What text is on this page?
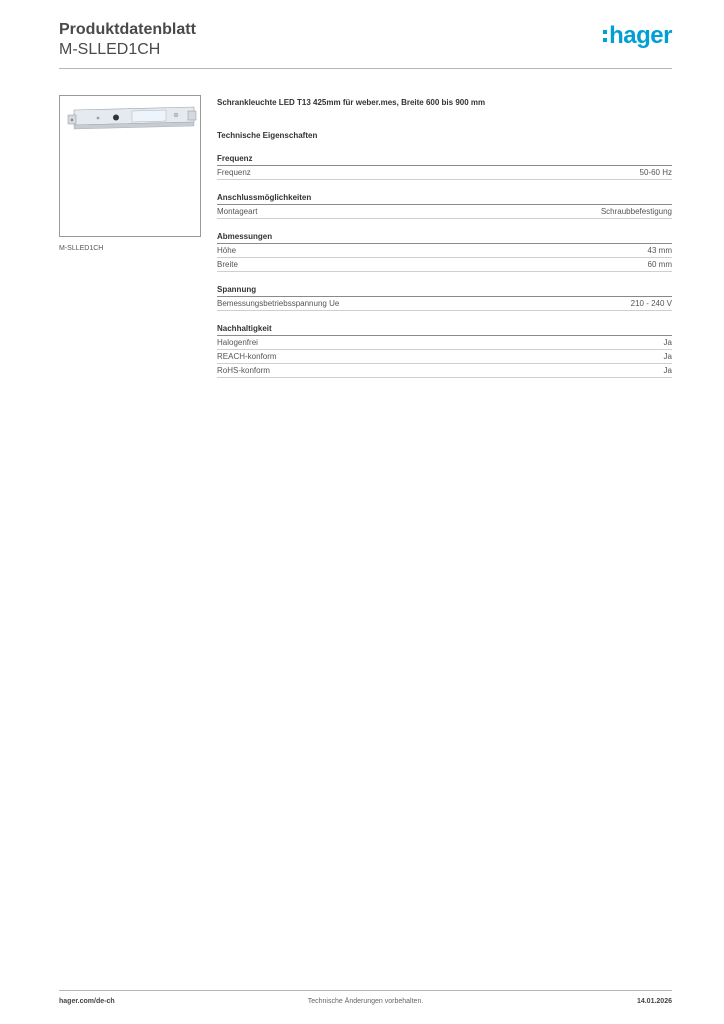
Produktdatenblatt
M-SLLED1CH
hager
M-SLLED1CH
Schrankleuchte LED T13 425mm für weber.mes, Breite 600 bis 900 mm
Technische Eigenschaften
Frequenz
Frequenz	50-60 Hz
Anschlussmöglichkeiten
Montageart	Schraubbefestigung
Abmessungen
Höhe	43 mm
Breite	60 mm
Spannung
Bemessungsbetriebsspannung Ue	210 - 240 V
Nachhaltigkeit
Halogenfrei	Ja
REACH-konform	Ja
RoHS-konform	Ja
hager.com/de-ch	Technische Änderungen vorbehalten.	14.01.2026
